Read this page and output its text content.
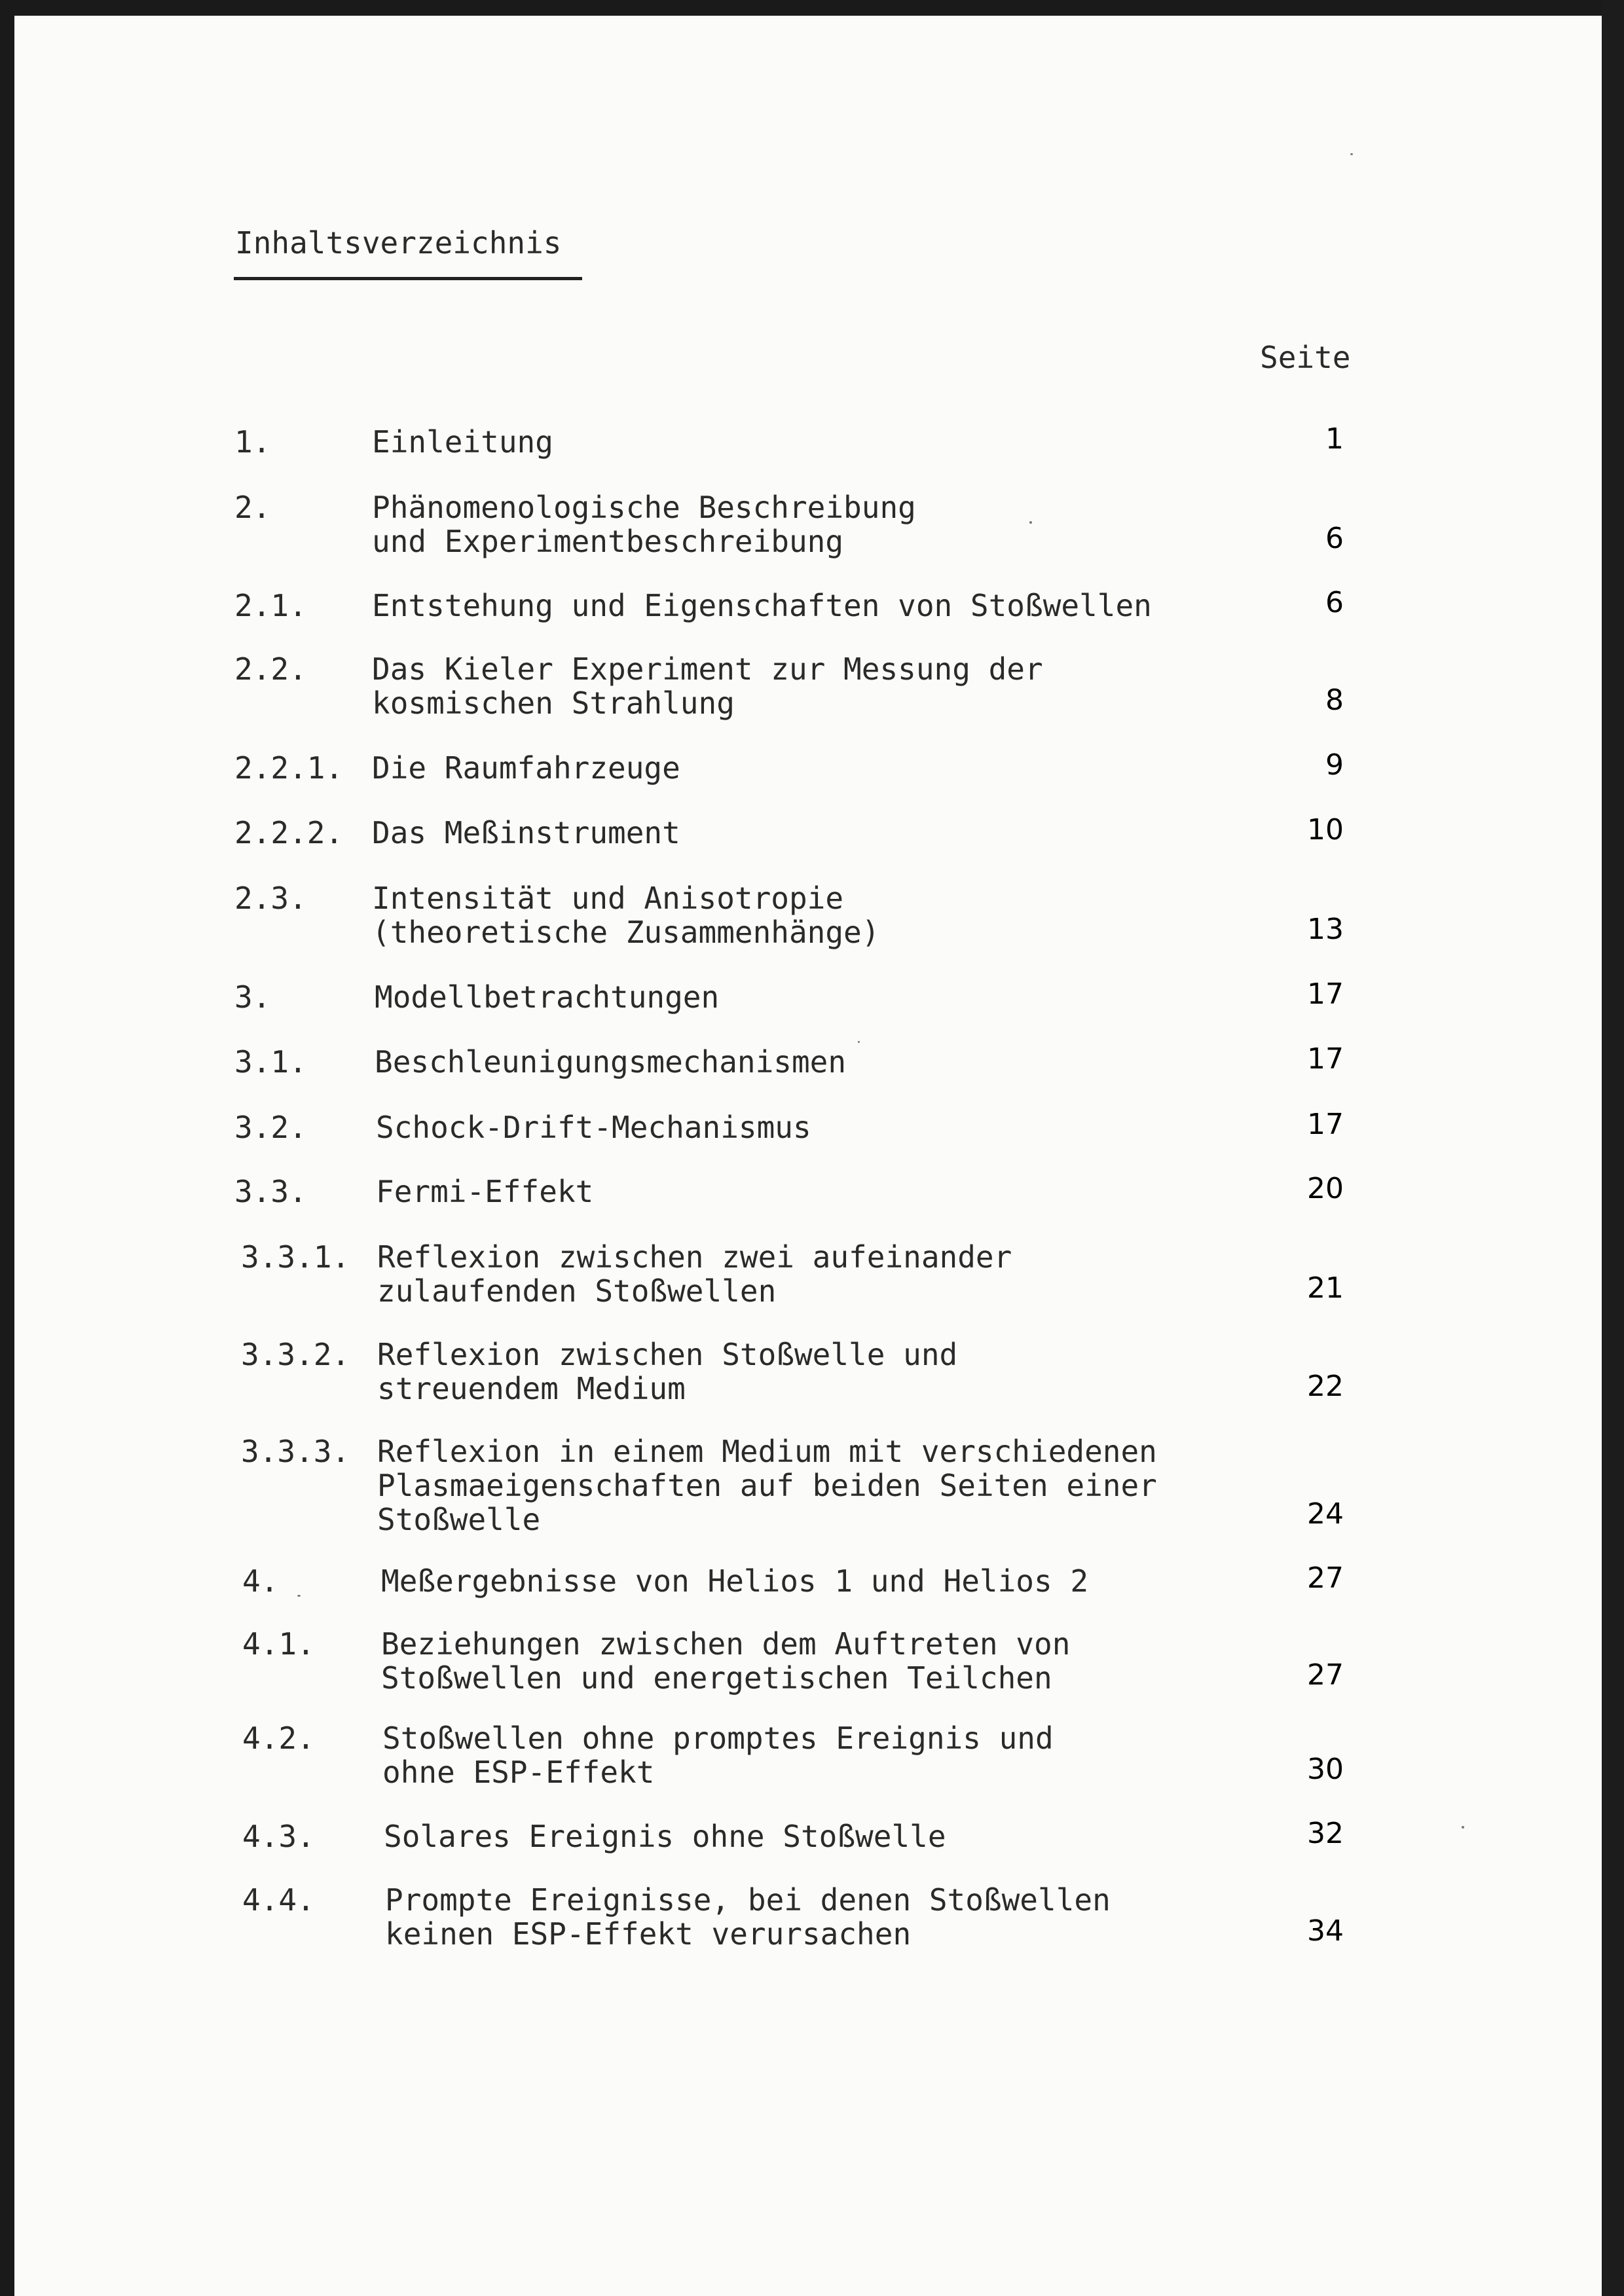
Inhaltsverzeichnis
Seite
1.	Einleitung	1
2.	Phänomenologische Beschreibung
und Experimentbeschreibung	6
2.1. Entstehung und Eigenschaften von Stoßwellen	6
2.2. Das Kieler Experiment zur Messung der
kosmischen Strahlung	8
2.2.1. Die Raumfahrzeuge	9
2.2.2. Das Meßinstrument	10
2.3. Intensität und Anisotropie
(theoretische Zusammenhänge)	13
3.	Modellbetrachtungen	17
3.1. Beschleunigungsmechanismen	17
3.2. Schock-Drift-Mechanismus	17
3.3. Fermi-Effekt	20
3.3.1. Reflexion zwischen zwei aufeinander
zulaufenden Stoßwellen	21
3.3.2. Reflexion zwischen Stoßwelle und
streuendem Medium	22
3.3.3. Reflexion in einem Medium mit verschiedenen
Plasmaeigenschaften auf beiden Seiten einer
Stoßwelle	24
4.	Meßergebnisse von Helios 1 und Helios 2	27
4.1. Beziehungen zwischen dem Auftreten von
Stoßwellen und energetischen Teilchen	27
4.2. Stoßwellen ohne promptes Ereignis und
ohne ESP-Effekt	30
4.3. Solares Ereignis ohne Stoßwelle	32
4.4. Prompte Ereignisse, bei denen Stoßwellen
keinen ESP-Effekt verursachen	34
